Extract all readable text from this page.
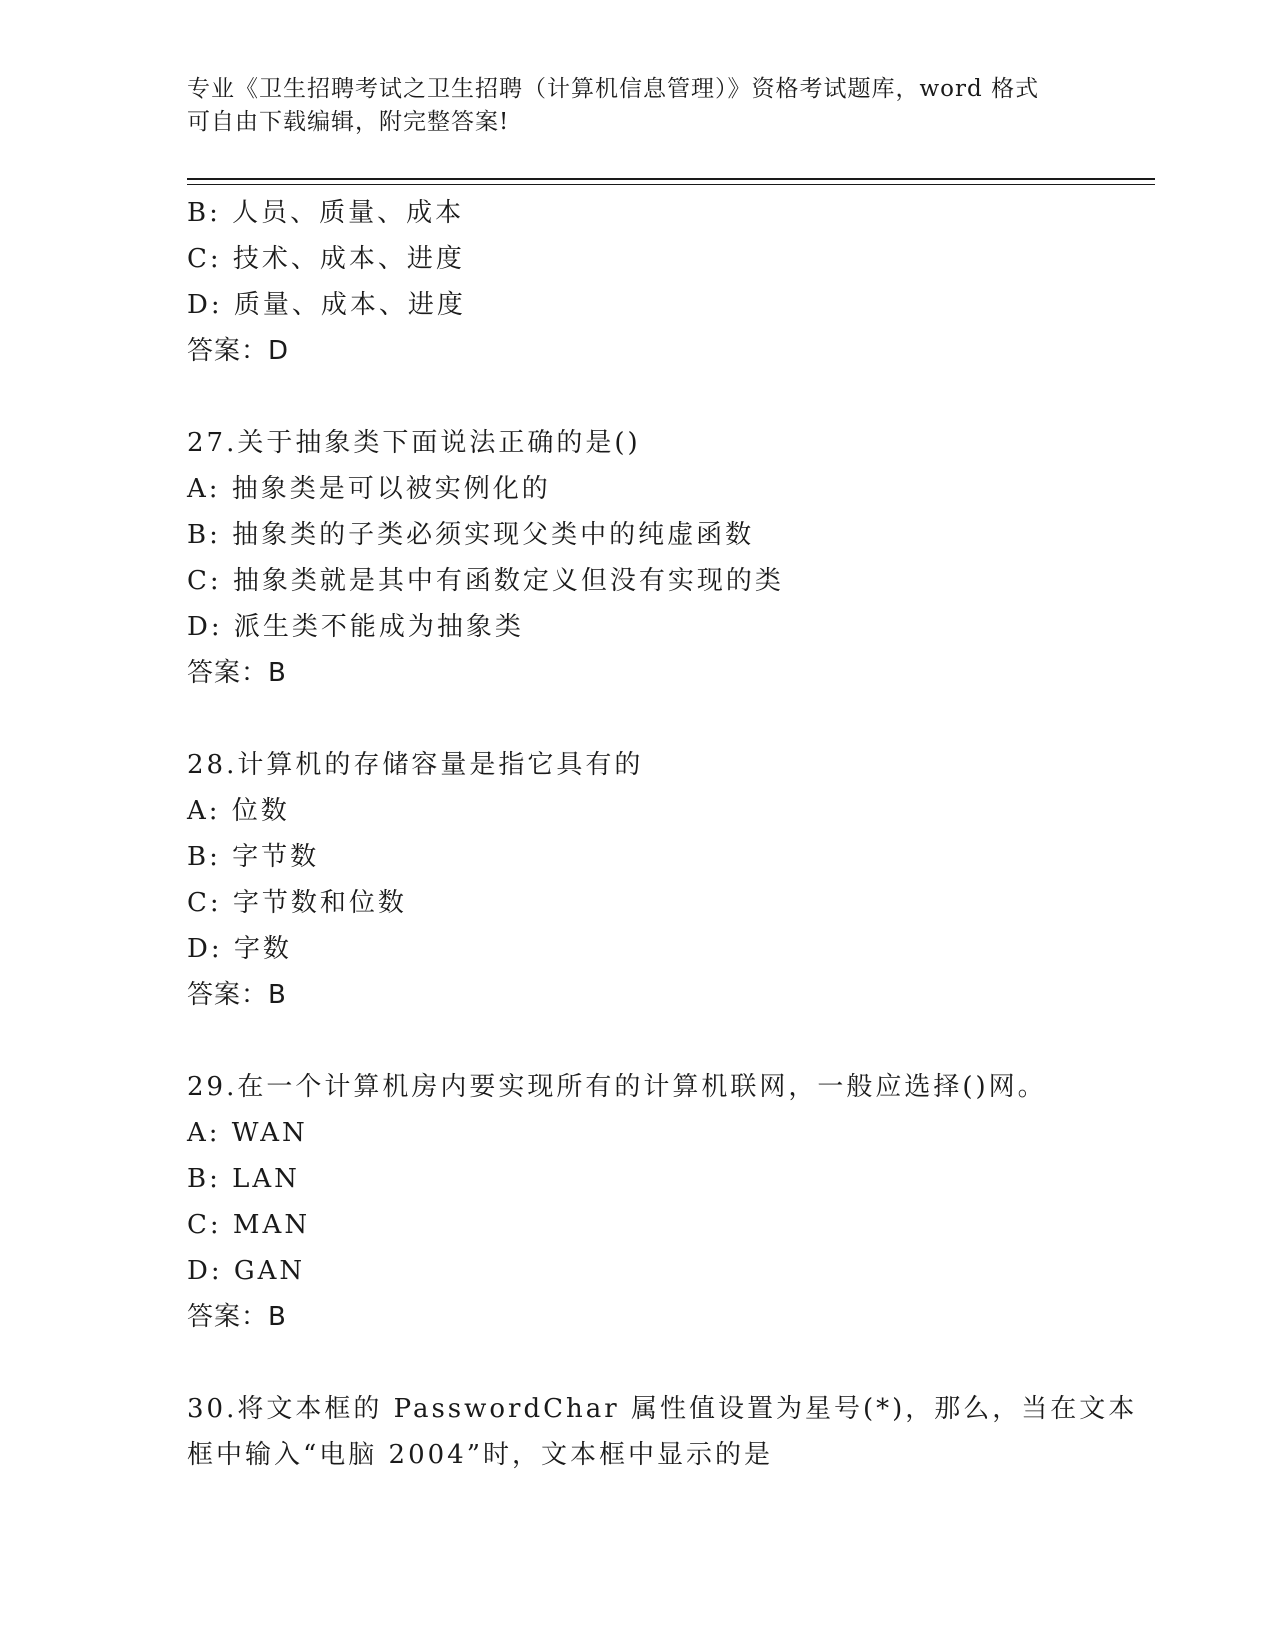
专业《卫生招聘考试之卫生招聘（计算机信息管理）》资格考试题库，word 格式
可自由下载编辑，附完整答案!
B: 人员、质量、成本
C: 技术、成本、进度
D: 质量、成本、进度
答案：D
27.关于抽象类下面说法正确的是()
A: 抽象类是可以被实例化的
B: 抽象类的子类必须实现父类中的纯虚函数
C: 抽象类就是其中有函数定义但没有实现的类
D: 派生类不能成为抽象类
答案：B
28.计算机的存储容量是指它具有的
A: 位数
B: 字节数
C: 字节数和位数
D: 字数
答案：B
29.在一个计算机房内要实现所有的计算机联网，一般应选择()网。
A: WAN
B: LAN
C: MAN
D: GAN
答案：B
30.将文本框的 PasswordChar 属性值设置为星号(*)，那么，当在文本
框中输入“电脑 2004”时，文本框中显示的是
